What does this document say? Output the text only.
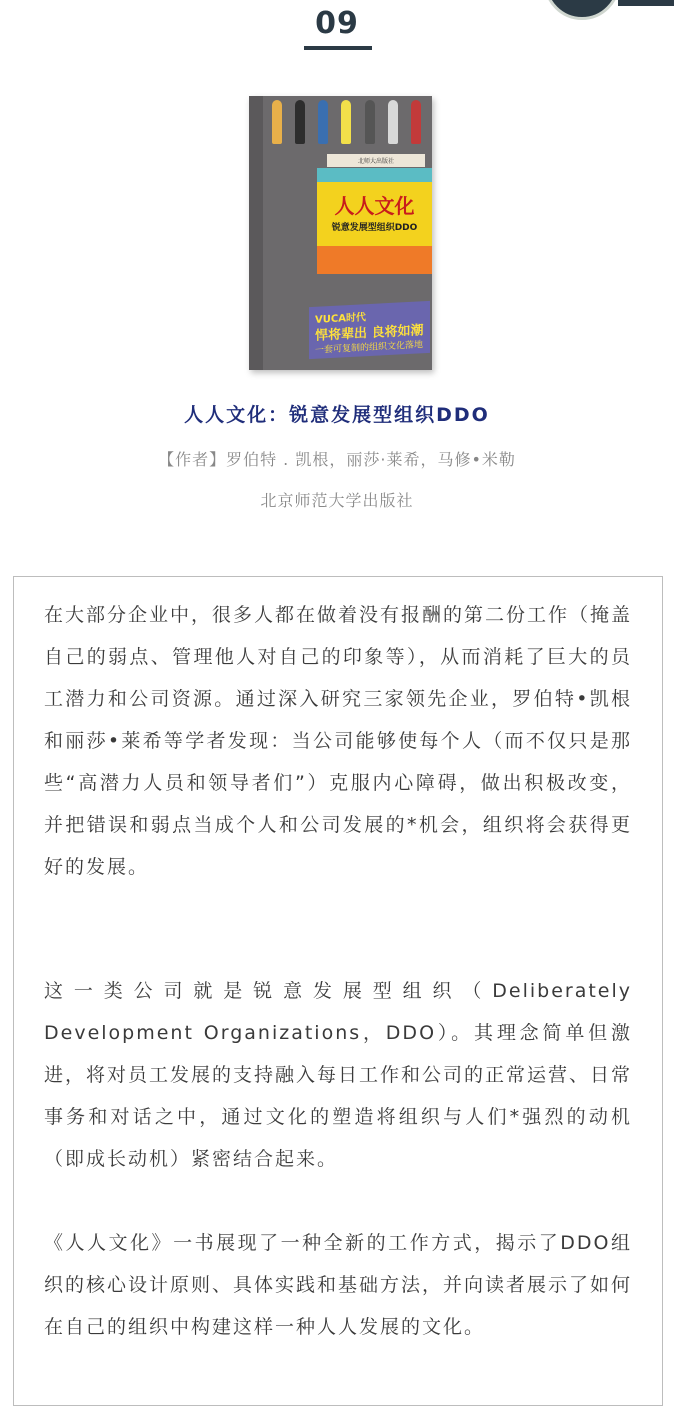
09
北师大出版社
人人文化
锐意发展型组织DDO
VUCA时代
悍将辈出 良将如潮
一套可复制的组织文化落地
人人文化：锐意发展型组织DDO
【作者】罗伯特 . 凯根，丽莎·莱希，马修•米勒
北京师范大学出版社

在大部分企业中，很多人都在做着没有报酬的第二份工作（掩盖自己的弱点、管理他人对自己的印象等），从而消耗了巨大的员工潜力和公司资源。通过深入研究三家领先企业，罗伯特•凯根和丽莎•莱希等学者发现：当公司能够使每个人（而不仅只是那些“高潜力人员和领导者们”）克服内心障碍，做出积极改变，并把错误和弱点当成个人和公司发展的*机会，组织将会获得更好的发展。

这一类公司就是锐意发展型组织（Deliberately Development Organizations，DDO）。其理念简单但激进，将对员工发展的支持融入每日工作和公司的正常运营、日常事务和对话之中，通过文化的塑造将组织与人们*强烈的动机（即成长动机）紧密结合起来。

《人人文化》一书展现了一种全新的工作方式，揭示了DDO组织的核心设计原则、具体实践和基础方法，并向读者展示了如何在自己的组织中构建这样一种人人发展的文化。
